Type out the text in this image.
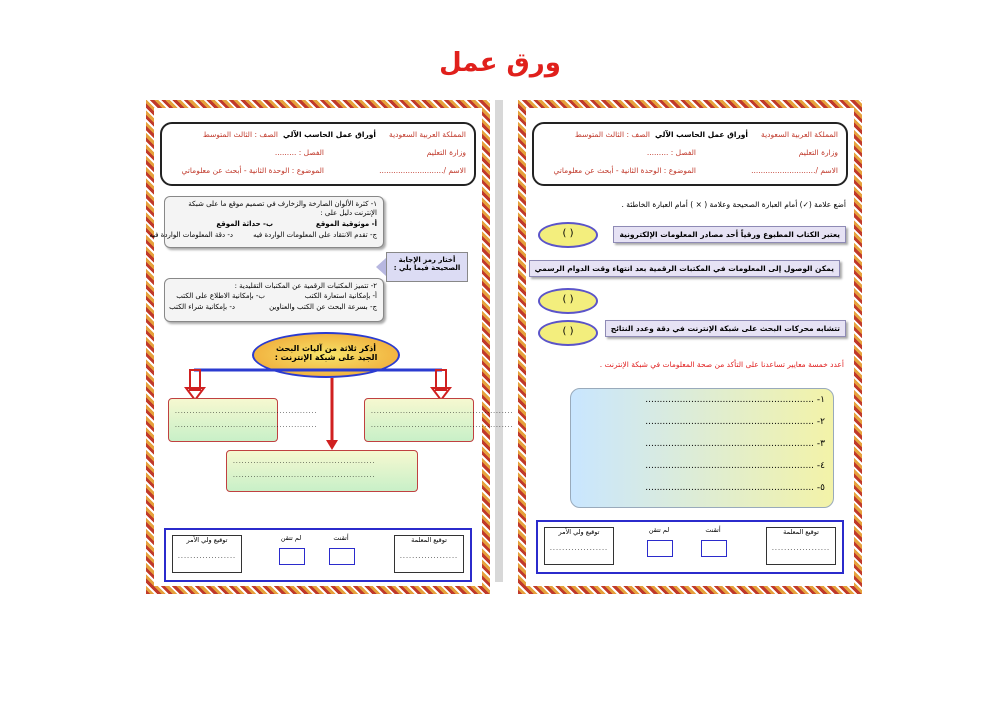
ورق عمل
المملكة العربية السعودية
أوراق عمل الحاسب الآلي
الصف : الثالث المتوسط
وزارة التعليم
الفصل : .........
الاسم /...........................
الموضوع : الوحدة الثانية - أبحث عن معلوماتي
أضع علامة (✓) أمام العبارة الصحيحة وعلامة ( × ) أمام العبارة الخاطئة .
( )	يعتبر الكتاب المطبوع ورقياً أحد مصادر المعلومات الإلكترونية
يمكن الوصول إلى المعلومات في المكتبات الرقمية بعد انتهاء وقت الدوام الرسمي
( )
( )	تتشابه محركات البحث على شبكة الإنترنت في دقة وعدد النتائج
أعدد خمسة معايير تساعدنا على التأكد من صحة المعلومات في شبكة الإنترنت .
١- ...........................................................
٢- ...........................................................
٣- ...........................................................
٤- ...........................................................
٥- ...........................................................
توقيع المعلمة
...................
أتقنت
لم تتقن
توقيع ولي الأمر
...................
المملكة العربية السعودية
أوراق عمل الحاسب الآلي
الصف : الثالث المتوسط
وزارة التعليم
الفصل : .........
الاسم /...........................
الموضوع : الوحدة الثانية - أبحث عن معلوماتي
١- كثرة الألوان الصارخة والزخارف في تصميم موقع ما على شبكة
الإنترنت دليل على :
أ- موثوقية الموقع
ب- حداثة الموقع
ج- تقدم الانتقاد على المعلومات الواردة فيه
د- دقة المعلومات الواردة فيه
أختار رمز الإجابة
الصحيحة فيما يلي :
٢- تتميز المكتبات الرقمية عن المكتبات التقليدية :
أ- بإمكانية استعارة الكتب
ب- بإمكانية الاطلاع على الكتب
ج- بسرعة البحث عن الكتب والعناوين
د- بإمكانية شراء الكتب
أذكر ثلاثة من آليات البحث
الجيد على شبكة الإنترنت :
.................................................
.................................................
.................................................
.................................................
.................................................
.................................................
توقيع المعلمة
...................
أتقنت
لم تتقن
توقيع ولي الأمر
...................
